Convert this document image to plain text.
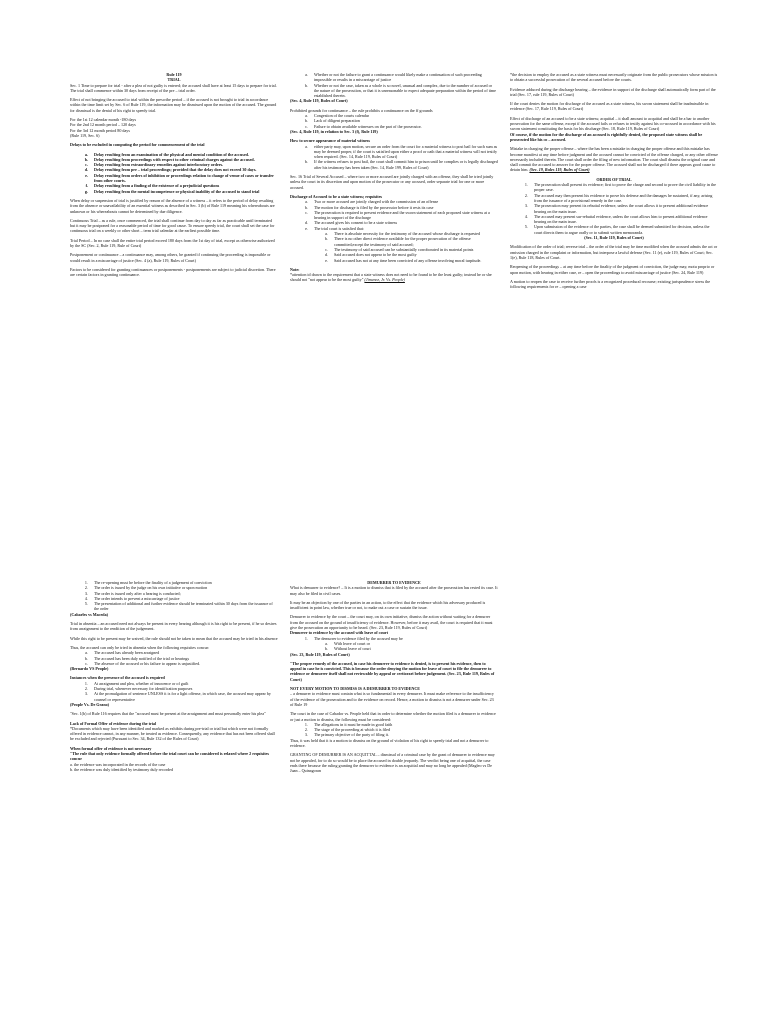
Rule 119
TRIAL

Sec. 1 Time to prepare for trial - after a plea of not guilty is entered; the accused shall have at least 15 days to prepare for trial. The trial shall commence within 30 days from receipt of the pre – trial order.

Effect of not bringing the accused to trial within the prescribe period – if the accused is not brought to trial in accordance within the time limit set by Sec. 6 of Rule 119, the information may be dismissed upon the motion of the accused. The ground for dismissal is the denial of his right to speedy trial.

For the 1st 12 calendar month -180 days
For the 2nd 12 month period – 120 days
For the 3rd 12 month period 80 days

(Rule 119, Sec. 6)

Delays to be excluded in computing the period for commencement of the trial

a.	Delay resulting from an examination of the physical and mental condition of the accused.
b.	Delay resulting from proceedings with respect to other criminal charges against the accused.
c.	Delay resulting from extraordinary remedies against interlocutory orders.
d.	Delay resulting from pre – trial proceedings; provided that the delay does not exceed 30 days.
e.	Delay resulting from orders of inhibition or proceedings relation to change of venue of cases or transfer from other courts.
f.	Delay resulting from a finding of the existence of a prejudicial questions
g.	Delay resulting from the mental incompetence or physical inability of the accused to stand trial

When delay or suspension of trial is justified by reason of the absence of a witness – it refers to the period of delay resulting from the absence or unavailability of an essential witness as described in Sec. 3 (b) of Rule 119 meaning his whereabouts are unknown or his whereabouts cannot be determined by due diligence.

Continuous Trial – as a rule, once commenced, the trial shall continue from day to day as far as practicable until terminated but it may be postponed for a reasonable period of time for good cause. To ensure speedy trial, the court shall set the case for continuous trial on a weekly or other short – term trial calendar at the earliest possible time.

Trial Period – In no case shall the entire trial period exceed 180 days from the 1st day of trial, except as otherwise authorized by the SC (Sec. 2, Rule 119, Rule of Court)

Postponement or continuance – a continuance may, among others, be granted if continuing the proceeding is impossible or would result in a miscarriage of justice (Sec. 4 (a), Rule 119, Rules of Court)

Factors to be considered for granting continuances or postponements - postponements are subject to judicial discretion. There are certain factors in granting continuance.

a.	Whether or not the failure to grant a continuance would likely make a continuation of such proceeding impossible or results in a miscarriage of justice
b.	Whether or not the case, taken as a whole is so novel, unusual and complex, due to the number of accused or the nature of the prosecution, or that it is unreasonable to expect adequate preparation within the period of time established therein.

(Sec. 4, Rule 119, Rules of Court)

Prohibited grounds for continuance – the rule prohibits a continuance on the ff grounds
a.	Congestion of the courts calendar
b.	Lack of diligent preparation
c.	Failure to obtain available witnesses on the part of the prosecutor.

(Sec. 4, Rule 119, in relation to Sec. 3 (f), Rule 119)

How to secure appearance of material witness
a.	either party may, upon motion, secure an order from the court for a material witness to post bail for such sum as may be deemed proper, if the court is satisfied upon either a proof or oath that a material witness will not testify when required. (Sec. 14, Rule 119, Rules of Court)
b.	If the witness refuses to post bail, the court shall commit him to prison until he complies or is legally discharged after his testimony has been taken (Sec. 14, Rule 199, Rules of Court)

Sec. 16 Trial of Several Accused – where two or more accused are jointly charged with an offense, they shall be tried jointly unless the court in its discretion and upon motion of the prosecutor or any accused, order separate trial for one or more accused.

Discharge of Accused to be a state witness; requisites
a.	Two or more accused are jointly charged with the commission of an offense
b.	The motion for discharge is filed by the prosecutor before it rests its case
c.	The prosecution is required to present evidence and the sworn statement of each proposed state witness at a hearing in support of the discharge
d.	The accused gives his consent to be a state witness
e.	The trial court is satisfied that:
a.	There is absolute necessity for the testimony of the accused whose discharge is requested
b.	There is no other direct evidence available for the proper prosecution of the offense committed,except the testimony of said accused;
c.	The testimony of said accused can be substantially corroborated in its material points
d.	Said accused does not appear to be the most guilty
e.	Said accused has not at any time been convicted of any offense involving moral turpitude.
Note:

*attention id drawn to the requirement that a state witness does not need to be found to be the least guilty; instead he or she should not "not appear to be the most guilty" (Jimenez, Jr. Vs. People)

*the decision to employ the accused as a state witness must necessarily originate from the public prosecutors whose mission is to obtain a successful prosecution of the several accused before the courts.

Evidence adduced during the discharge hearing – the evidence in support of the discharge shall automatically form part of the trial (Sec. 17, rule 119, Rules of Court)

If the court denies the motion for discharge of the accused as a state witness, his sworn statement shall be inadmissible in evidence (Sec. 17, Rule 119, Rules of Court)

Effect of discharge of an accused to be a state witness; acquittal – it shall amount to acquittal and shall be a bar to another prosecution for the same offense, except if the accused fails or refuses to testify against his co-accused in accordance with his sworn statement constituting the basis for his discharge (Sec. 18, Rule 119, Rules of Court)

Of course, if the motion for the discharge of an accused is rightfully denied, the proposed state witness shall be prosecuted like his co – accused.

Mistake in charging the proper offense – where the has been a mistake in charging the proper offense and this mistake has become manifest at any time before judgment and the accused cannot be convicted of the offense charged, or any other offense necessarily included therein. The court shall order the filing of new information. The court shall dismiss the original case and shall commit the accused to answer for the proper offense. The accused shall not be discharged if there appears good cause to detain him. (Sec. 19, Rules 119, Rules of Court)

ORDER OF TRIAL
1.	The prosecution shall present its evidence; first to prove the charge and second to prove the civil liability in the proper case.
2.	The accused may then present his evidence to prove his defense and the damages he sustained, if any, arising from the issuance of a provisional remedy in the case.
3.	The prosecution may present its rebuttal evidence, unless the court allows it to present additional evidence bearing on the main issue.
4.	The accused may present sur-rebuttal evidence, unless the court allows him to present additional evidence bearing on the main issue.
5.	Upon submission of the evidence of the parties, the case shall be deemed submitted for decision, unless the court directs them to argue orally or to submit written memoranda.

(Sec. 11, Rule 119, Rules of Court)

Modification of the order of trial; reverse trial – the order of the trial may be time modified when the accused admits the act or omission charged in the complaint or information, but interpose a lawful defense (Sec. 11 (e), rule 119, Rules of Court; Sec. 1(e), Rule 118, Rules of Court.

Reopening of the proceedings – at any time before the finality of the judgment of conviction, the judge may, motu proprio or upon motion, with hearing in either case, re – open the proceedings to avoid miscarriage of justice (Sec. 24, Rule 119)

A motion to reopen the case to receive further proofs is a recognized procedural recourse; existing jurisprudence stress the following requirements for re – opening a case

1.	The re-opening must be before the finality of a judgement of conviction
2.	The order is issued by the judge on his own initiative or upon motion
3.	The order is issued only after a hearing is conducted;
4.	The order intends to prevent a miscarriage of justice
5.	The presentation of additional and further evidence should be terminated within 30 days from the issuance of the order

(Cabarles vs Maceda)

Trial in absentia – an accused need not always be present in every hearing although it is his right to be present, if he so desires from arraignment to the rendition of the judgement.

While this right to be present may be waived, the rule should not be taken to mean that the accused may be tried in his absence

Thus, the accused can only be tried in absentia when the following requisites concur:
a.	The accused has already been arraigned
b.	The accused has been duly notified of the trial or hearings
c.	The absence of the accused or his failure to appear is unjustified.

(Bernardo VS People)

Instances when the presence of the accused is required
1.	At arraignment and plea, whether of innocence or of guilt
2.	During trial, whenever necessary for identification purposes
3.	At the promulgation of sentence UNLESS it is for a light offense, in which case, the accused may appear by counsel or representative

(People Vs. De Grano)

"Sec. 1(b) of Rule 116 requires that the "accused must be present at the arraignment and must personally enter his plea"

Lack of Formal Offer of evidence during the trial

*Documents which may have been identified and marked as exhibits during pre-trial or trial but which were not formally offered in evidence cannot, in any manner, be treated as evidence. Consequently, any evidence that has not been offered shall be excluded and rejected (Pursuant to Sec. 34, Rule 132 of the Rules of Court)

When formal offer of evidence is not necessary
"The rule that only evidence formally offered before the trial court can be considered is relaxed where 2 requisites concur
a. the evidence was incorporated in the records of the case
b. the evidence was duly identified by testimony duly recorded
DEMURRER TO EVIDENCE

What is demurrer to evidence? – It is a motion to dismiss that is filed by the accused after the prosecution has rested its case. It may also be filed in civil cases.

It may be an objection by one of the parties in an action, to the effect that the evidence which his adversary produced is insufficient in point law, whether true or not, to make out a case or sustain the issue.

Demurrer to evidence by the court – the court may, on its own initiative, dismiss the action without waiting for a demurrer from the accused on the ground of insufficiency of evidence. However, before it may avail, the court is required that it must give the prosecution an opportunity to be heard. (Sec. 23, Rule 119, Rules of Court)
Demurrer to evidence by the accused with leave of court
1.	The demurrer to evidence filed by the accused may be
a.	With leave of court or
b.	Without leave of court

(Sec. 23, Rule 119, Rules of Court)

"The proper remedy of the accused, in case his demurrer to evidence is denied, is to present his evidence, then to appeal in case he is convicted. This is because the order denying the motion for leave of court to file the demurrer to evidence or demurrer itself shall not reviewable by appeal or certiorari before judgement. (Sec. 23, Rule 119, Rules of Court)

NOT EVERY MOTION TO DISMISS IS A DEMURRER TO EVIDENCE

– a demurrer to evidence must contain what is so fundamental in every demurrer. It must make reference to the insufficiency of the evidence of the prosecution and to the evidence on record. Hence, a motion to dismiss is not a demurrer under Sec. 23 of Rule 19

The court in the case of Cabador vs. People held that in order to determine whether the motion filed is a demurrer to evidence or just a motion to dismiss, the following must be considered:
1.	The allegations in it must be made in good faith
2.	The stage of the proceeding at which it is filed
3.	The primary objective of the party of filing it.

Thus, it was held that it is a motion to dismiss on the ground of violation of his right to speedy trial and not a demurrer to evidence.

GRANTING OF DEMURRER IS AN ACQUITTAL – dismissal of a criminal case by the grant of demurrer to evidence may not be appealed, for to do so would be to place the accused in double jeopardy. The verdict being one of acquittal, the case ends there because the ruling granting the demurrer to evidence is an acquittal and may no long be appealed (Magleo vs De Juan – Quinagoran
